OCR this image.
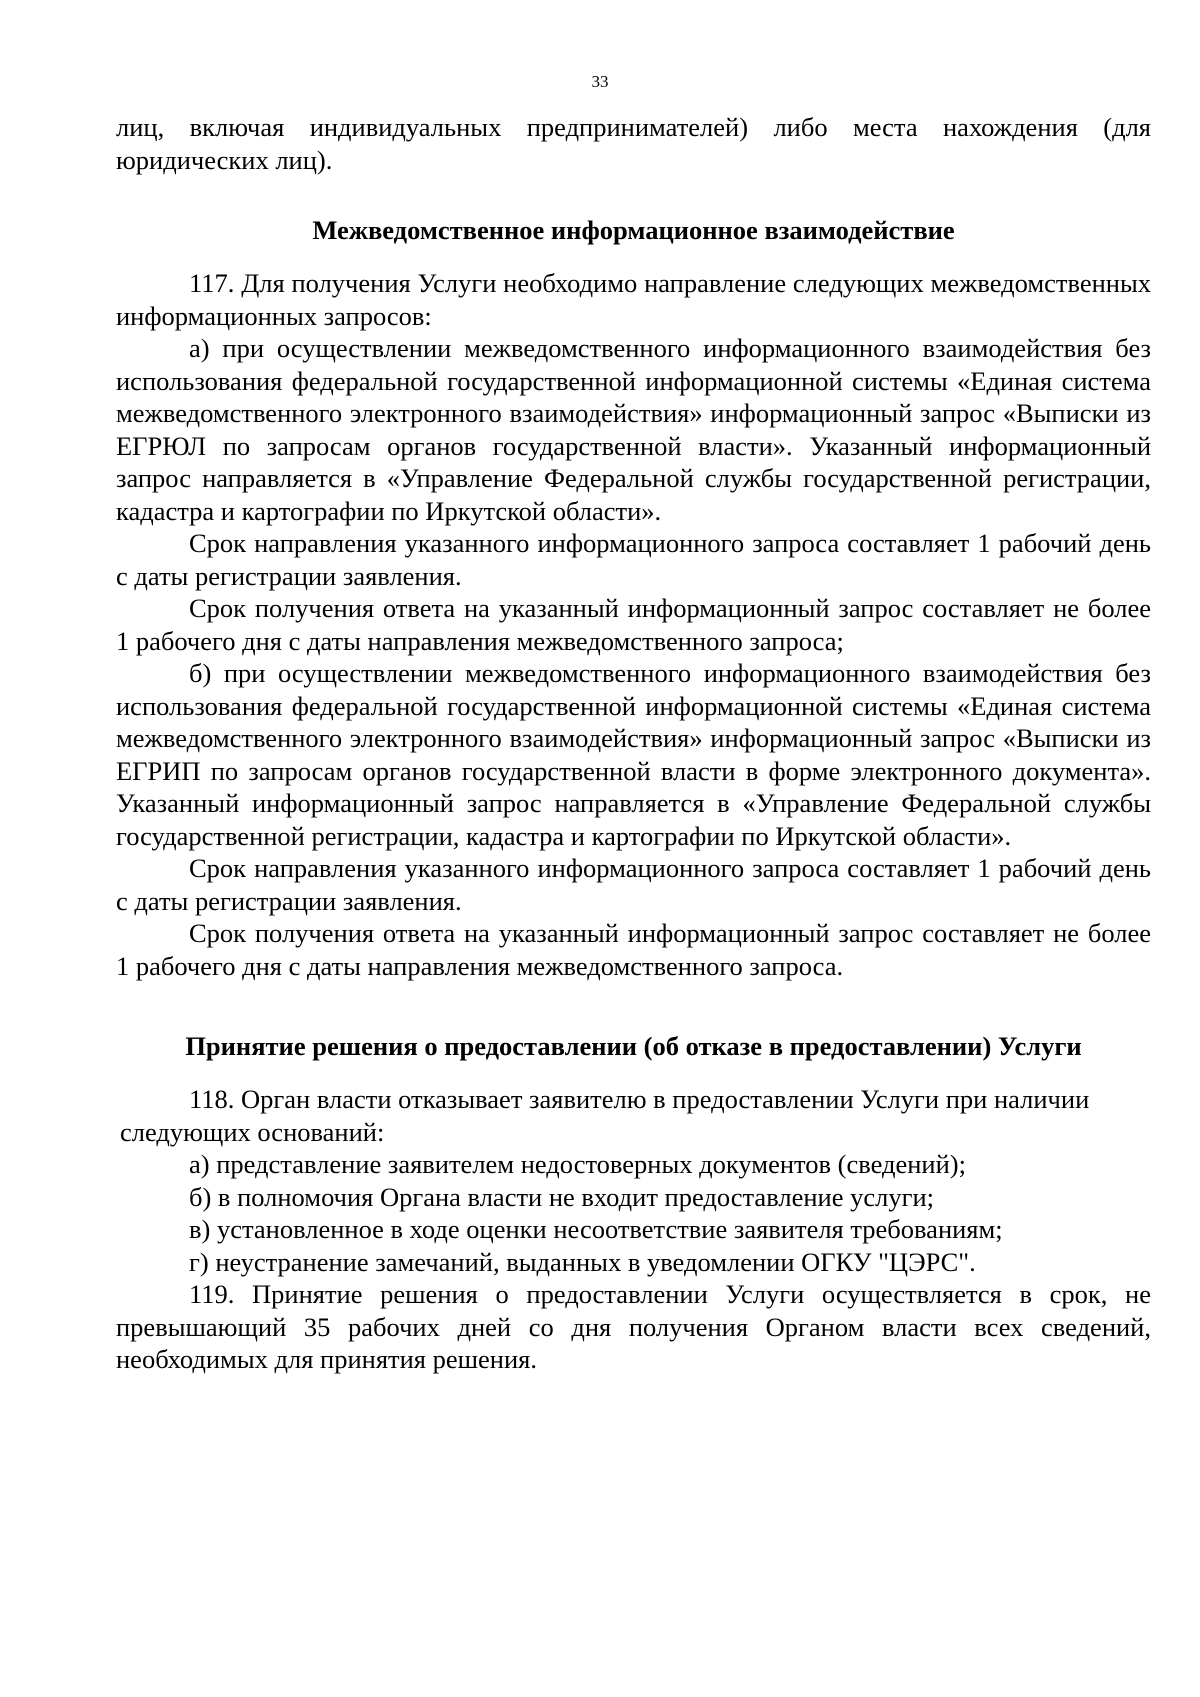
33

лиц, включая индивидуальных предпринимателей) либо места нахождения (для юридических лиц).

Межведомственное информационное взаимодействие

117. Для получения Услуги необходимо направление следующих межведомственных информационных запросов:

а) при осуществлении межведомственного информационного взаимодействия без использования федеральной государственной информационной системы «Единая система межведомственного электронного взаимодействия» информационный запрос «Выписки из ЕГРЮЛ по запросам органов государственной власти». Указанный информационный запрос направляется в «Управление Федеральной службы государственной регистрации, кадастра и картографии по Иркутской области».

Срок направления указанного информационного запроса составляет 1 рабочий день с даты регистрации заявления.

Срок получения ответа на указанный информационный запрос составляет не более 1 рабочего дня с даты направления межведомственного запроса;

б) при осуществлении межведомственного информационного взаимодействия без использования федеральной государственной информационной системы «Единая система межведомственного электронного взаимодействия» информационный запрос «Выписки из ЕГРИП по запросам органов государственной власти в форме электронного документа». Указанный информационный запрос направляется в «Управление Федеральной службы государственной регистрации, кадастра и картографии по Иркутской области».

Срок направления указанного информационного запроса составляет 1 рабочий день с даты регистрации заявления.

Срок получения ответа на указанный информационный запрос составляет не более 1 рабочего дня с даты направления межведомственного запроса.

Принятие решения о предоставлении (об отказе в предоставлении) Услуги

118. Орган власти отказывает заявителю в предоставлении Услуги при наличии

следующих оснований:

а) представление заявителем недостоверных документов (сведений);

б) в полномочия Органа власти не входит предоставление услуги;

в) установленное в ходе оценки несоответствие заявителя требованиям;

г) неустранение замечаний, выданных в уведомлении ОГКУ "ЦЭРС".

119. Принятие решения о предоставлении Услуги осуществляется в срок, не превышающий 35 рабочих дней со дня получения Органом власти всех сведений, необходимых для принятия решения.
